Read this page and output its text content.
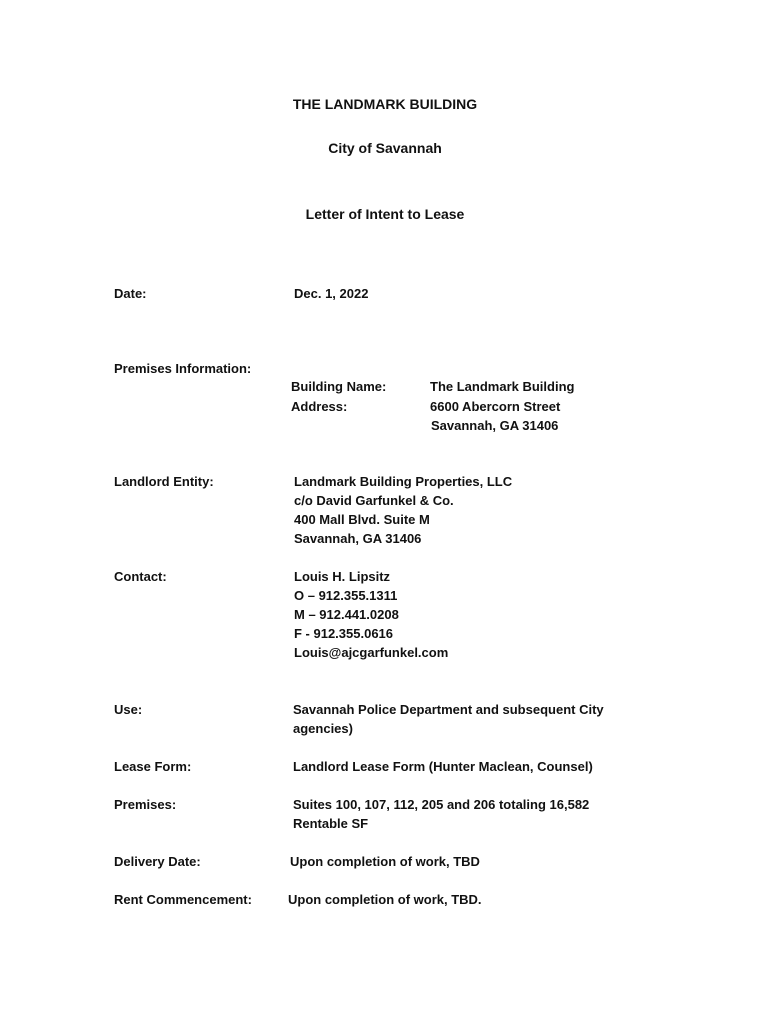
THE LANDMARK BUILDING
City of Savannah
Letter of Intent to Lease
Date:	Dec. 1, 2022
Premises Information:
Building Name:	The Landmark Building
Address:	6600 Abercorn Street
Savannah, GA 31406
Landlord Entity:	Landmark Building Properties, LLC
c/o David Garfunkel & Co.
400 Mall Blvd. Suite M
Savannah, GA 31406
Contact:	Louis H. Lipsitz
O – 912.355.1311
M – 912.441.0208
F - 912.355.0616
Louis@ajcgarfunkel.com
Use:	Savannah Police Department and subsequent City
agencies)
Lease Form:	Landlord Lease Form (Hunter Maclean, Counsel)
Premises:	Suites 100, 107, 112, 205 and 206 totaling 16,582
Rentable SF
Delivery Date:	Upon completion of work, TBD
Rent Commencement:	Upon completion of work, TBD.
